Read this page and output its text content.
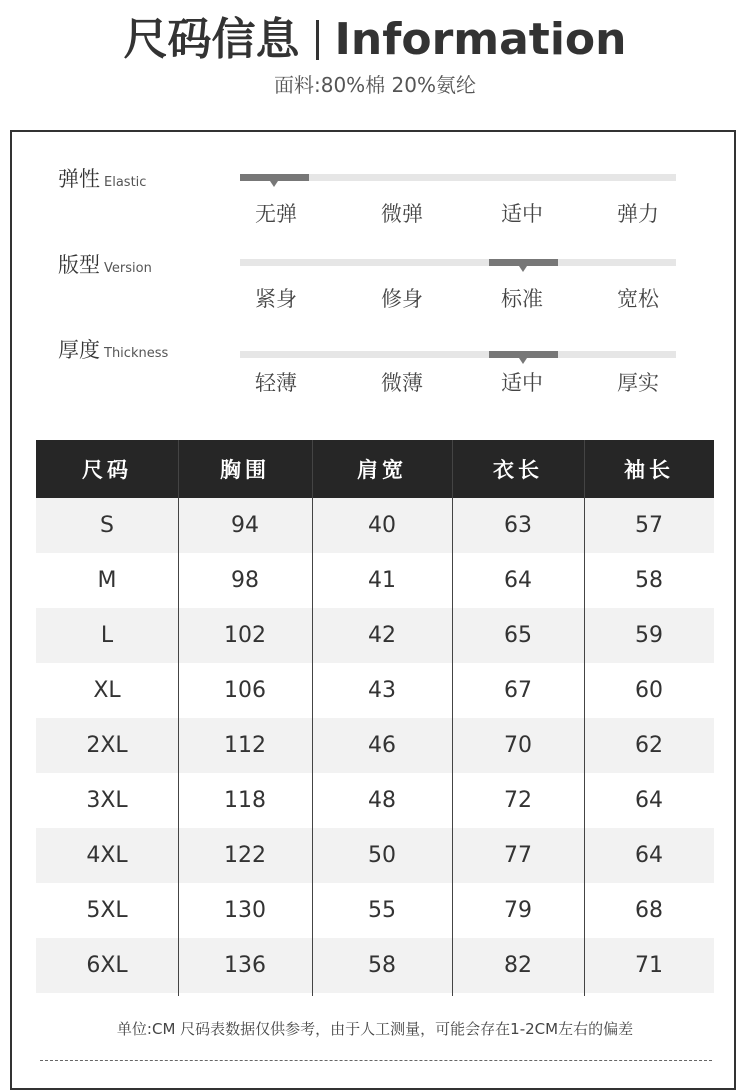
尺码信息 Information
面料:80%棉 20%氨纶
弹性 Elastic
无弹	微弹	适中	弹力
版型 Version
紧身	修身	标准	宽松
厚度 Thickness
轻薄	微薄	适中	厚实
尺码	胸围	肩宽	衣长	袖长
S	94	40	63	57
M	98	41	64	58
L	102	42	65	59
XL	106	43	67	60
2XL	112	46	70	62
3XL	118	48	72	64
4XL	122	50	77	64
5XL	130	55	79	68
6XL	136	58	82	71
单位:CM 尺码表数据仅供参考，由于人工测量，可能会存在1-2CM左右的偏差
